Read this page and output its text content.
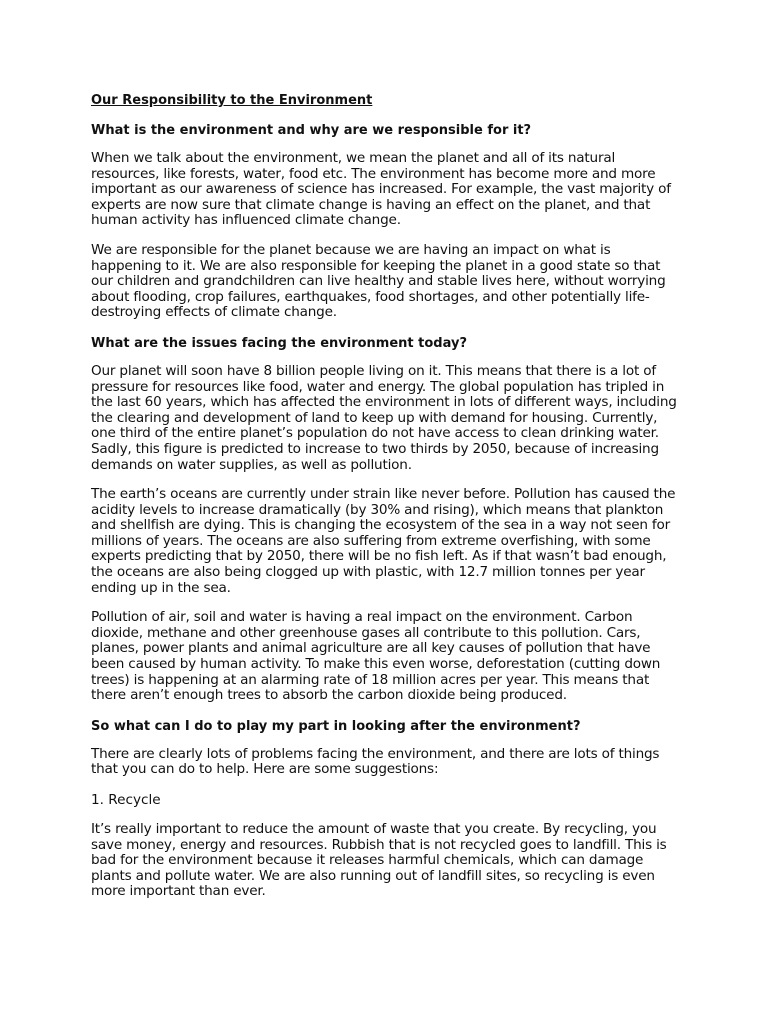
Our Responsibility to the Environment
What is the environment and why are we responsible for it?

When we talk about the environment, we mean the planet and all of its natural resources, like forests, water, food etc. The environment has become more and more important as our awareness of science has increased. For example, the vast majority of experts are now sure that climate change is having an effect on the planet, and that human activity has influenced climate change.

We are responsible for the planet because we are having an impact on what is happening to it. We are also responsible for keeping the planet in a good state so that our children and grandchildren can live healthy and stable lives here, without worrying about flooding, crop failures, earthquakes, food shortages, and other potentially life-destroying effects of climate change.

What are the issues facing the environment today?

Our planet will soon have 8 billion people living on it. This means that there is a lot of pressure for resources like food, water and energy. The global population has tripled in the last 60 years, which has affected the environment in lots of different ways, including the clearing and development of land to keep up with demand for housing. Currently, one third of the entire planet’s population do not have access to clean drinking water. Sadly, this figure is predicted to increase to two thirds by 2050, because of increasing demands on water supplies, as well as pollution.

The earth’s oceans are currently under strain like never before. Pollution has caused the acidity levels to increase dramatically (by 30% and rising), which means that plankton and shellfish are dying. This is changing the ecosystem of the sea in a way not seen for millions of years. The oceans are also suffering from extreme overfishing, with some experts predicting that by 2050, there will be no fish left. As if that wasn’t bad enough, the oceans are also being clogged up with plastic, with 12.7 million tonnes per year ending up in the sea.

Pollution of air, soil and water is having a real impact on the environment. Carbon dioxide, methane and other greenhouse gases all contribute to this pollution. Cars, planes, power plants and animal agriculture are all key causes of pollution that have been caused by human activity. To make this even worse, deforestation (cutting down trees) is happening at an alarming rate of 18 million acres per year. This means that there aren’t enough trees to absorb the carbon dioxide being produced.

So what can I do to play my part in looking after the environment?

There are clearly lots of problems facing the environment, and there are lots of things that you can do to help. Here are some suggestions:

1. Recycle

It’s really important to reduce the amount of waste that you create. By recycling, you save money, energy and resources. Rubbish that is not recycled goes to landfill. This is bad for the environment because it releases harmful chemicals, which can damage plants and pollute water. We are also running out of landfill sites, so recycling is even more important than ever.
